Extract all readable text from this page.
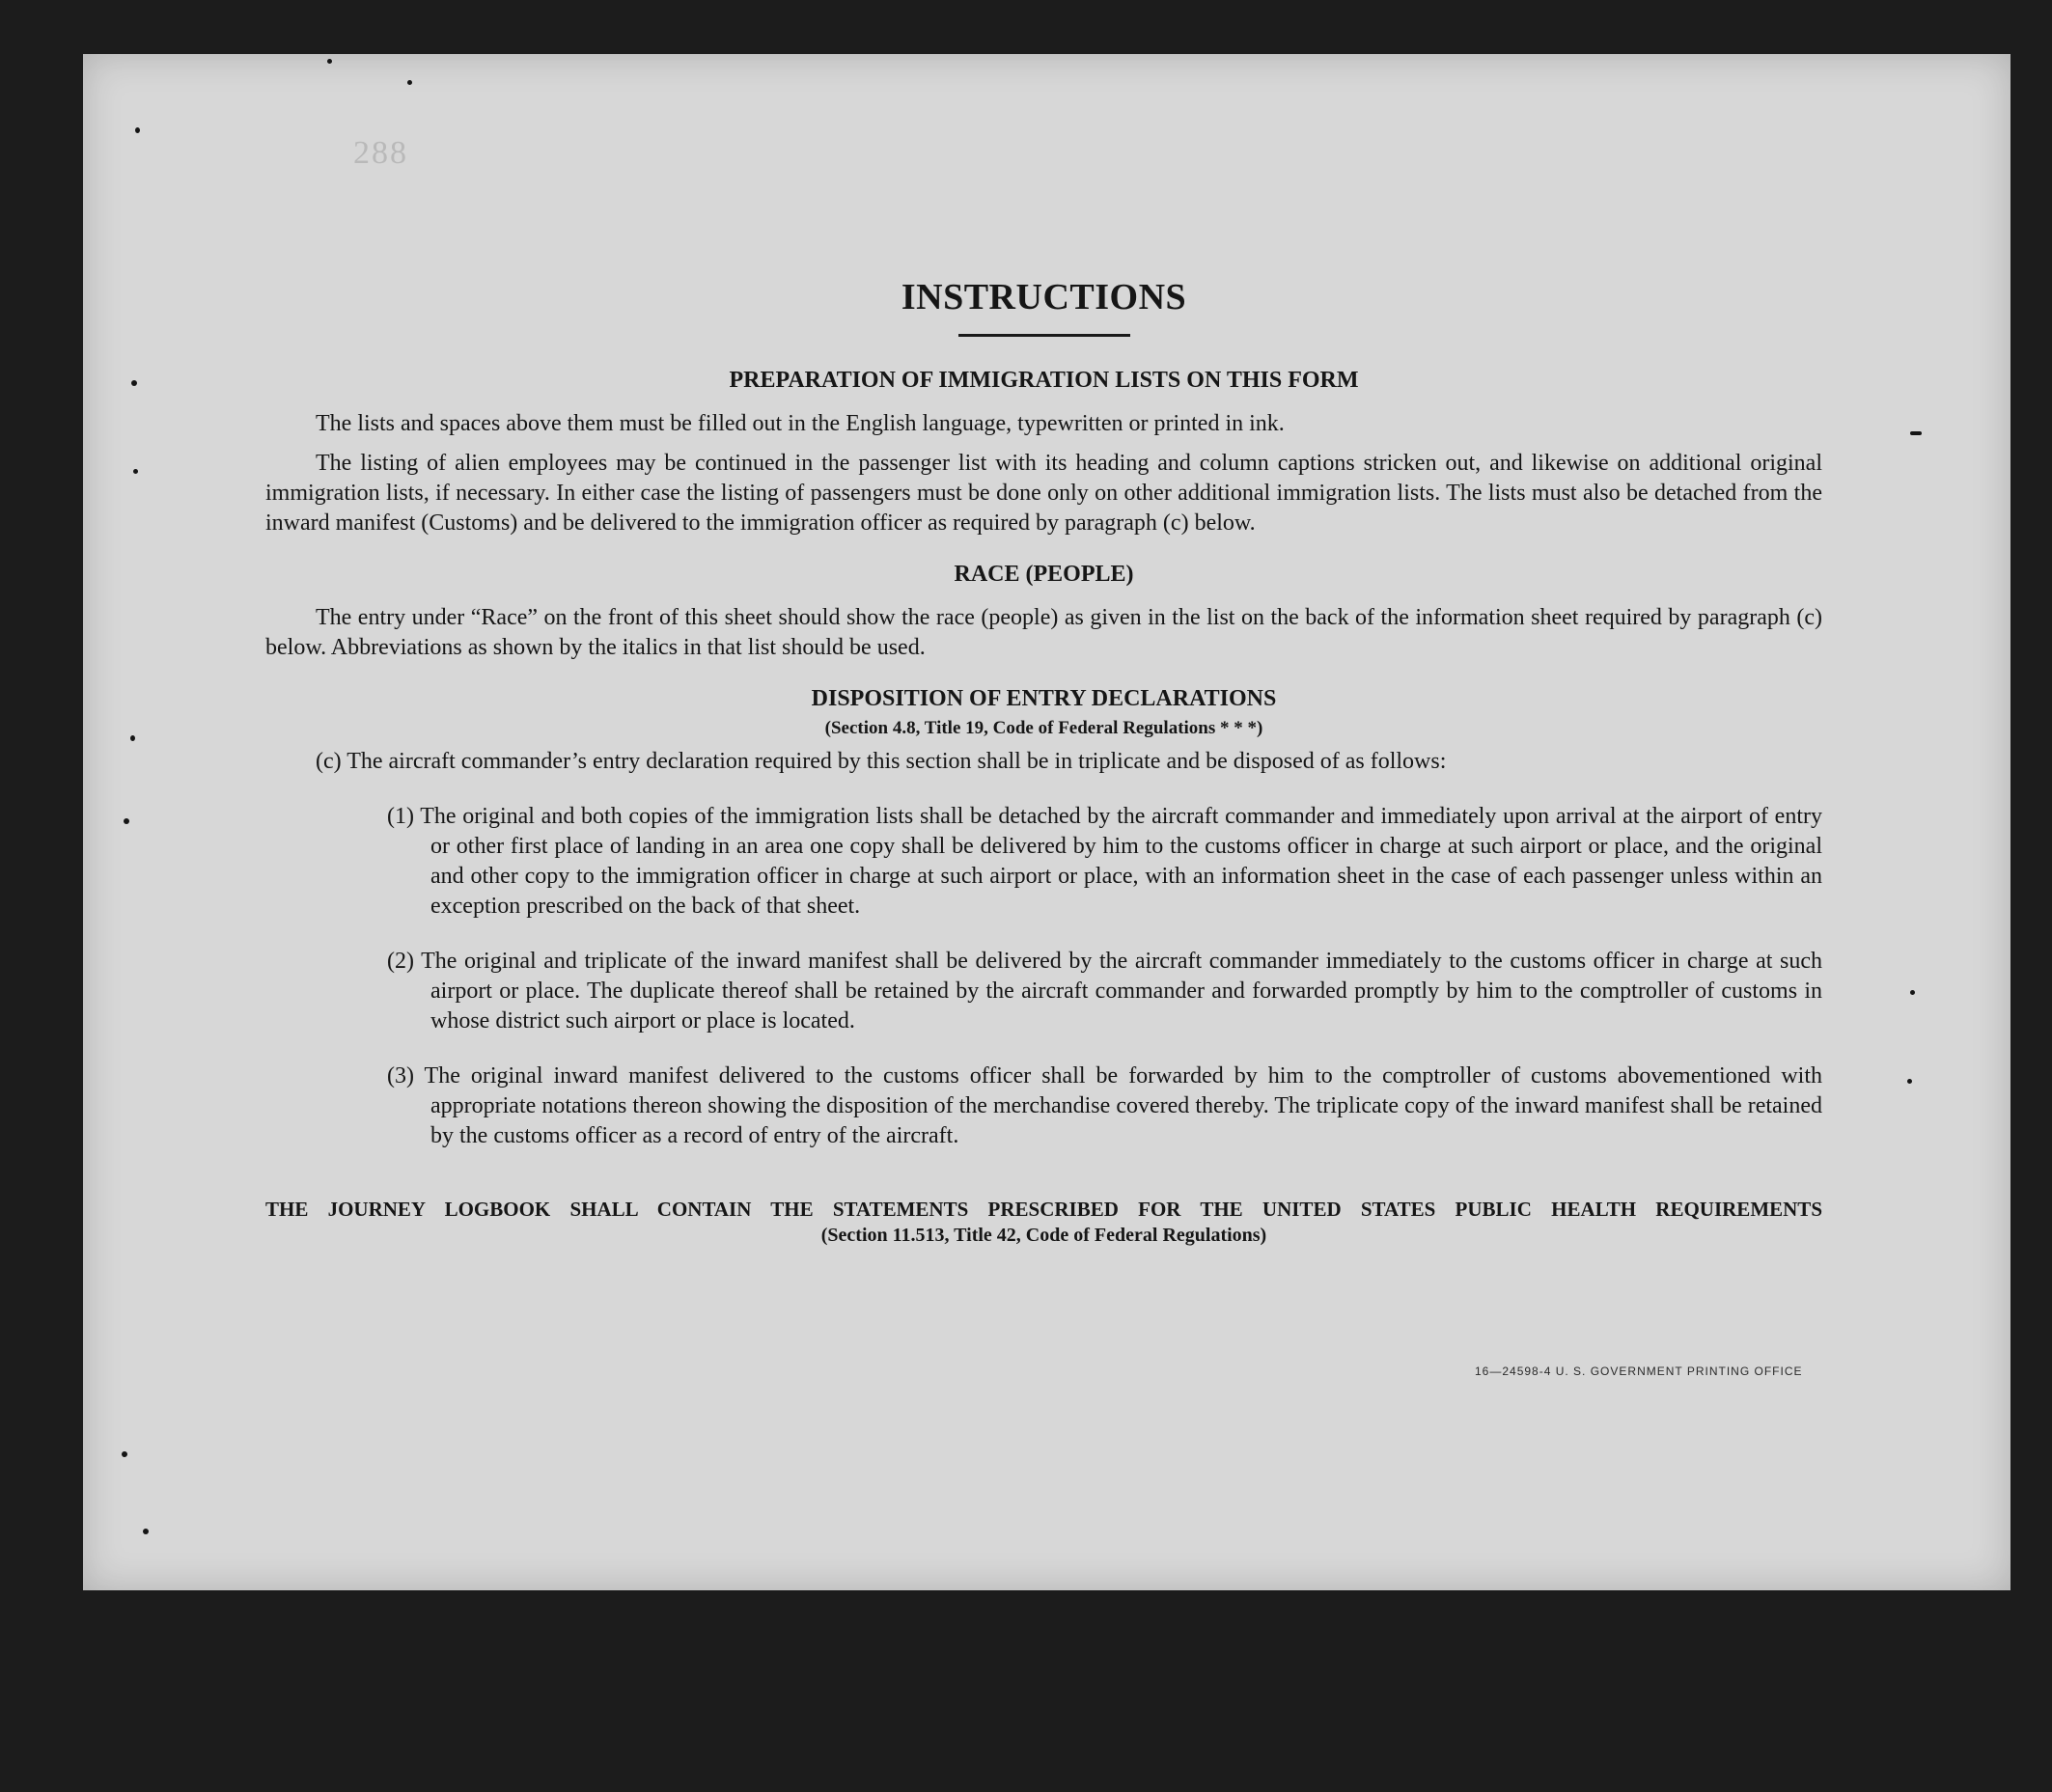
288
INSTRUCTIONS
PREPARATION OF IMMIGRATION LISTS ON THIS FORM

The lists and spaces above them must be filled out in the English language, typewritten or printed in ink.

The listing of alien employees may be continued in the passenger list with its heading and column captions stricken out, and likewise on additional original immigration lists, if necessary. In either case the listing of passengers must be done only on other additional immigration lists. The lists must also be detached from the inward manifest (Customs) and be delivered to the immigration officer as required by paragraph (c) below.

RACE (PEOPLE)

The entry under “Race” on the front of this sheet should show the race (people) as given in the list on the back of the information sheet required by paragraph (c) below. Abbreviations as shown by the italics in that list should be used.

DISPOSITION OF ENTRY DECLARATIONS
(Section 4.8, Title 19, Code of Federal Regulations * * *)

(c) The aircraft commander’s entry declaration required by this section shall be in triplicate and be disposed of as follows:

(1) The original and both copies of the immigration lists shall be detached by the aircraft commander and immediately upon arrival at the airport of entry or other first place of landing in an area one copy shall be delivered by him to the customs officer in charge at such airport or place, and the original and other copy to the immigration officer in charge at such airport or place, with an information sheet in the case of each passenger unless within an exception prescribed on the back of that sheet.

(2) The original and triplicate of the inward manifest shall be delivered by the aircraft commander immediately to the customs officer in charge at such airport or place. The duplicate thereof shall be retained by the aircraft commander and forwarded promptly by him to the comptroller of customs in whose district such airport or place is located.

(3) The original inward manifest delivered to the customs officer shall be forwarded by him to the comptroller of customs abovementioned with appropriate notations thereon showing the disposition of the merchandise covered thereby. The triplicate copy of the inward manifest shall be retained by the customs officer as a record of entry of the aircraft.

THE JOURNEY LOGBOOK SHALL CONTAIN THE STATEMENTS PRESCRIBED FOR THE UNITED STATES PUBLIC HEALTH REQUIREMENTS
(Section 11.513, Title 42, Code of Federal Regulations)
16—24598-4 U. S. GOVERNMENT PRINTING OFFICE
